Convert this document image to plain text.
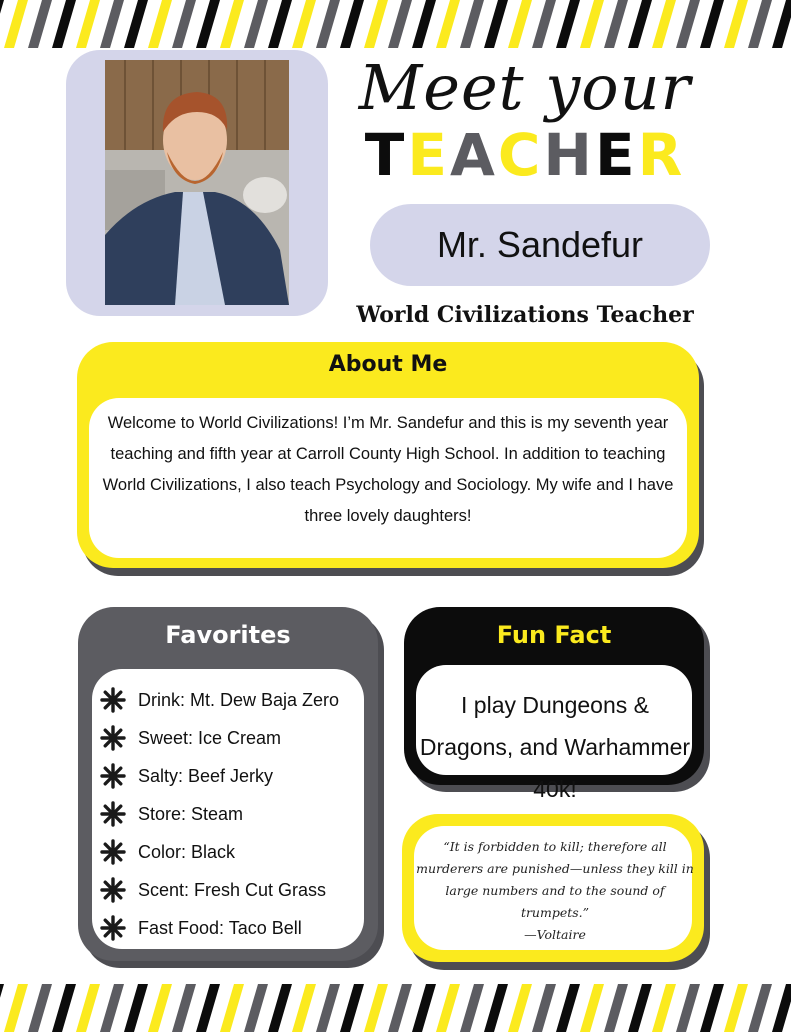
Meet your
TEACHER
Mr. Sandefur
World Civilizations Teacher
About Me
Welcome to World Civilizations! I’m Mr. Sandefur and this is my seventh year teaching and fifth year at Carroll County High School. In addition to teaching World Civilizations, I also teach Psychology and Sociology. My wife and I have three lovely daughters!
Favorites
Drink: Mt. Dew Baja Zero
Sweet: Ice Cream
Salty: Beef Jerky
Store: Steam
Color: Black
Scent: Fresh Cut Grass
Fast Food: Taco Bell
Fun Fact
I play Dungeons & Dragons, and Warhammer 40k!
“It is forbidden to kill; therefore all
murderers are punished—unless they kill in
large numbers and to the sound of
trumpets.”
—Voltaire
